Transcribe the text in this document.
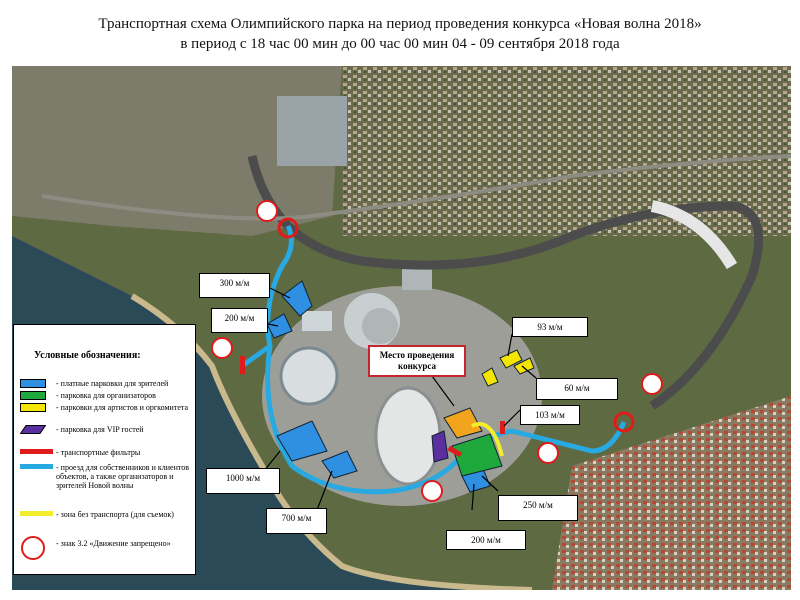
Транспортная схема Олимпийского парка на период проведения конкурса «Новая волна 2018»
в период с 18 час 00 мин до 00 час 00 мин 04 - 09 сентября 2018 года
300 м/м
200 м/м
1000 м/м
700 м/м
93 м/м
60 м/м
103 м/м
250 м/м
200 м/м
Место проведения конкурса
Условные обозначения:
- платные парковки для зрителей
- парковка для организаторов
- парковки для артистов и оргкомитета
- парковка для VIP гостей
- транспортные фильтры
- проезд для собственников и клиентов объектов, а также организаторов и зрителей Новой волны
- зона без транспорта (для съемок)
- знак 3.2 «Движение запрещено»
